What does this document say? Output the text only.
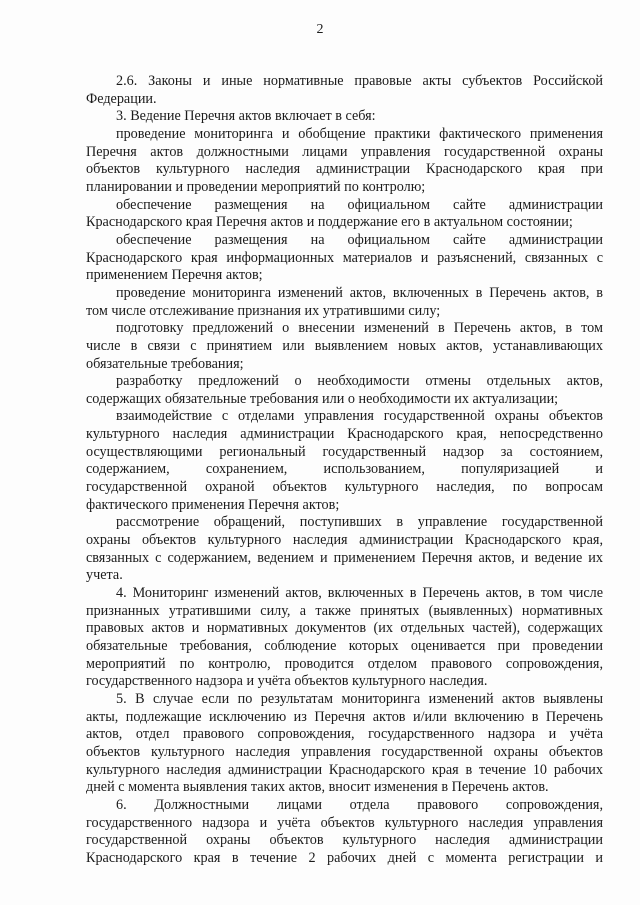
2
2.6. Законы и иные нормативные правовые акты субъектов Российской
Федерации.
3. Ведение Перечня актов включает в себя:
проведение мониторинга и обобщение практики фактического применения
Перечня актов должностными лицами управления государственной охраны
объектов культурного наследия администрации Краснодарского края при
планировании и проведении мероприятий по контролю;
обеспечение размещения на официальном сайте администрации
Краснодарского края Перечня актов и поддержание его в актуальном состоянии;
обеспечение размещения на официальном сайте администрации
Краснодарского края информационных материалов и разъяснений, связанных с
применением Перечня актов;
проведение мониторинга изменений актов, включенных в Перечень актов, в
том числе отслеживание признания их утратившими силу;
подготовку предложений о внесении изменений в Перечень актов, в том
числе в связи с принятием или выявлением новых актов, устанавливающих
обязательные требования;
разработку предложений о необходимости отмены отдельных актов,
содержащих обязательные требования или о необходимости их актуализации;
взаимодействие с отделами управления государственной охраны объектов
культурного наследия администрации Краснодарского края, непосредственно
осуществляющими региональный государственный надзор за состоянием,
содержанием, сохранением, использованием, популяризацией и
государственной охраной объектов культурного наследия, по вопросам
фактического применения Перечня актов;
рассмотрение обращений, поступивших в управление государственной
охраны объектов культурного наследия администрации Краснодарского края,
связанных с содержанием, ведением и применением Перечня актов, и ведение их
учета.
4. Мониторинг изменений актов, включенных в Перечень актов, в том числе
признанных утратившими силу, а также принятых (выявленных) нормативных
правовых актов и нормативных документов (их отдельных частей), содержащих
обязательные требования, соблюдение которых оценивается при проведении
мероприятий по контролю, проводится отделом правового сопровождения,
государственного надзора и учёта объектов культурного наследия.
5. В случае если по результатам мониторинга изменений актов выявлены
акты, подлежащие исключению из Перечня актов и/или включению в Перечень
актов, отдел правового сопровождения, государственного надзора и учёта
объектов культурного наследия управления государственной охраны объектов
культурного наследия администрации Краснодарского края в течение 10 рабочих
дней с момента выявления таких актов, вносит изменения в Перечень актов.
6. Должностными лицами отдела правового сопровождения,
государственного надзора и учёта объектов культурного наследия управления
государственной охраны объектов культурного наследия администрации
Краснодарского края в течение 2 рабочих дней с момента регистрации и
